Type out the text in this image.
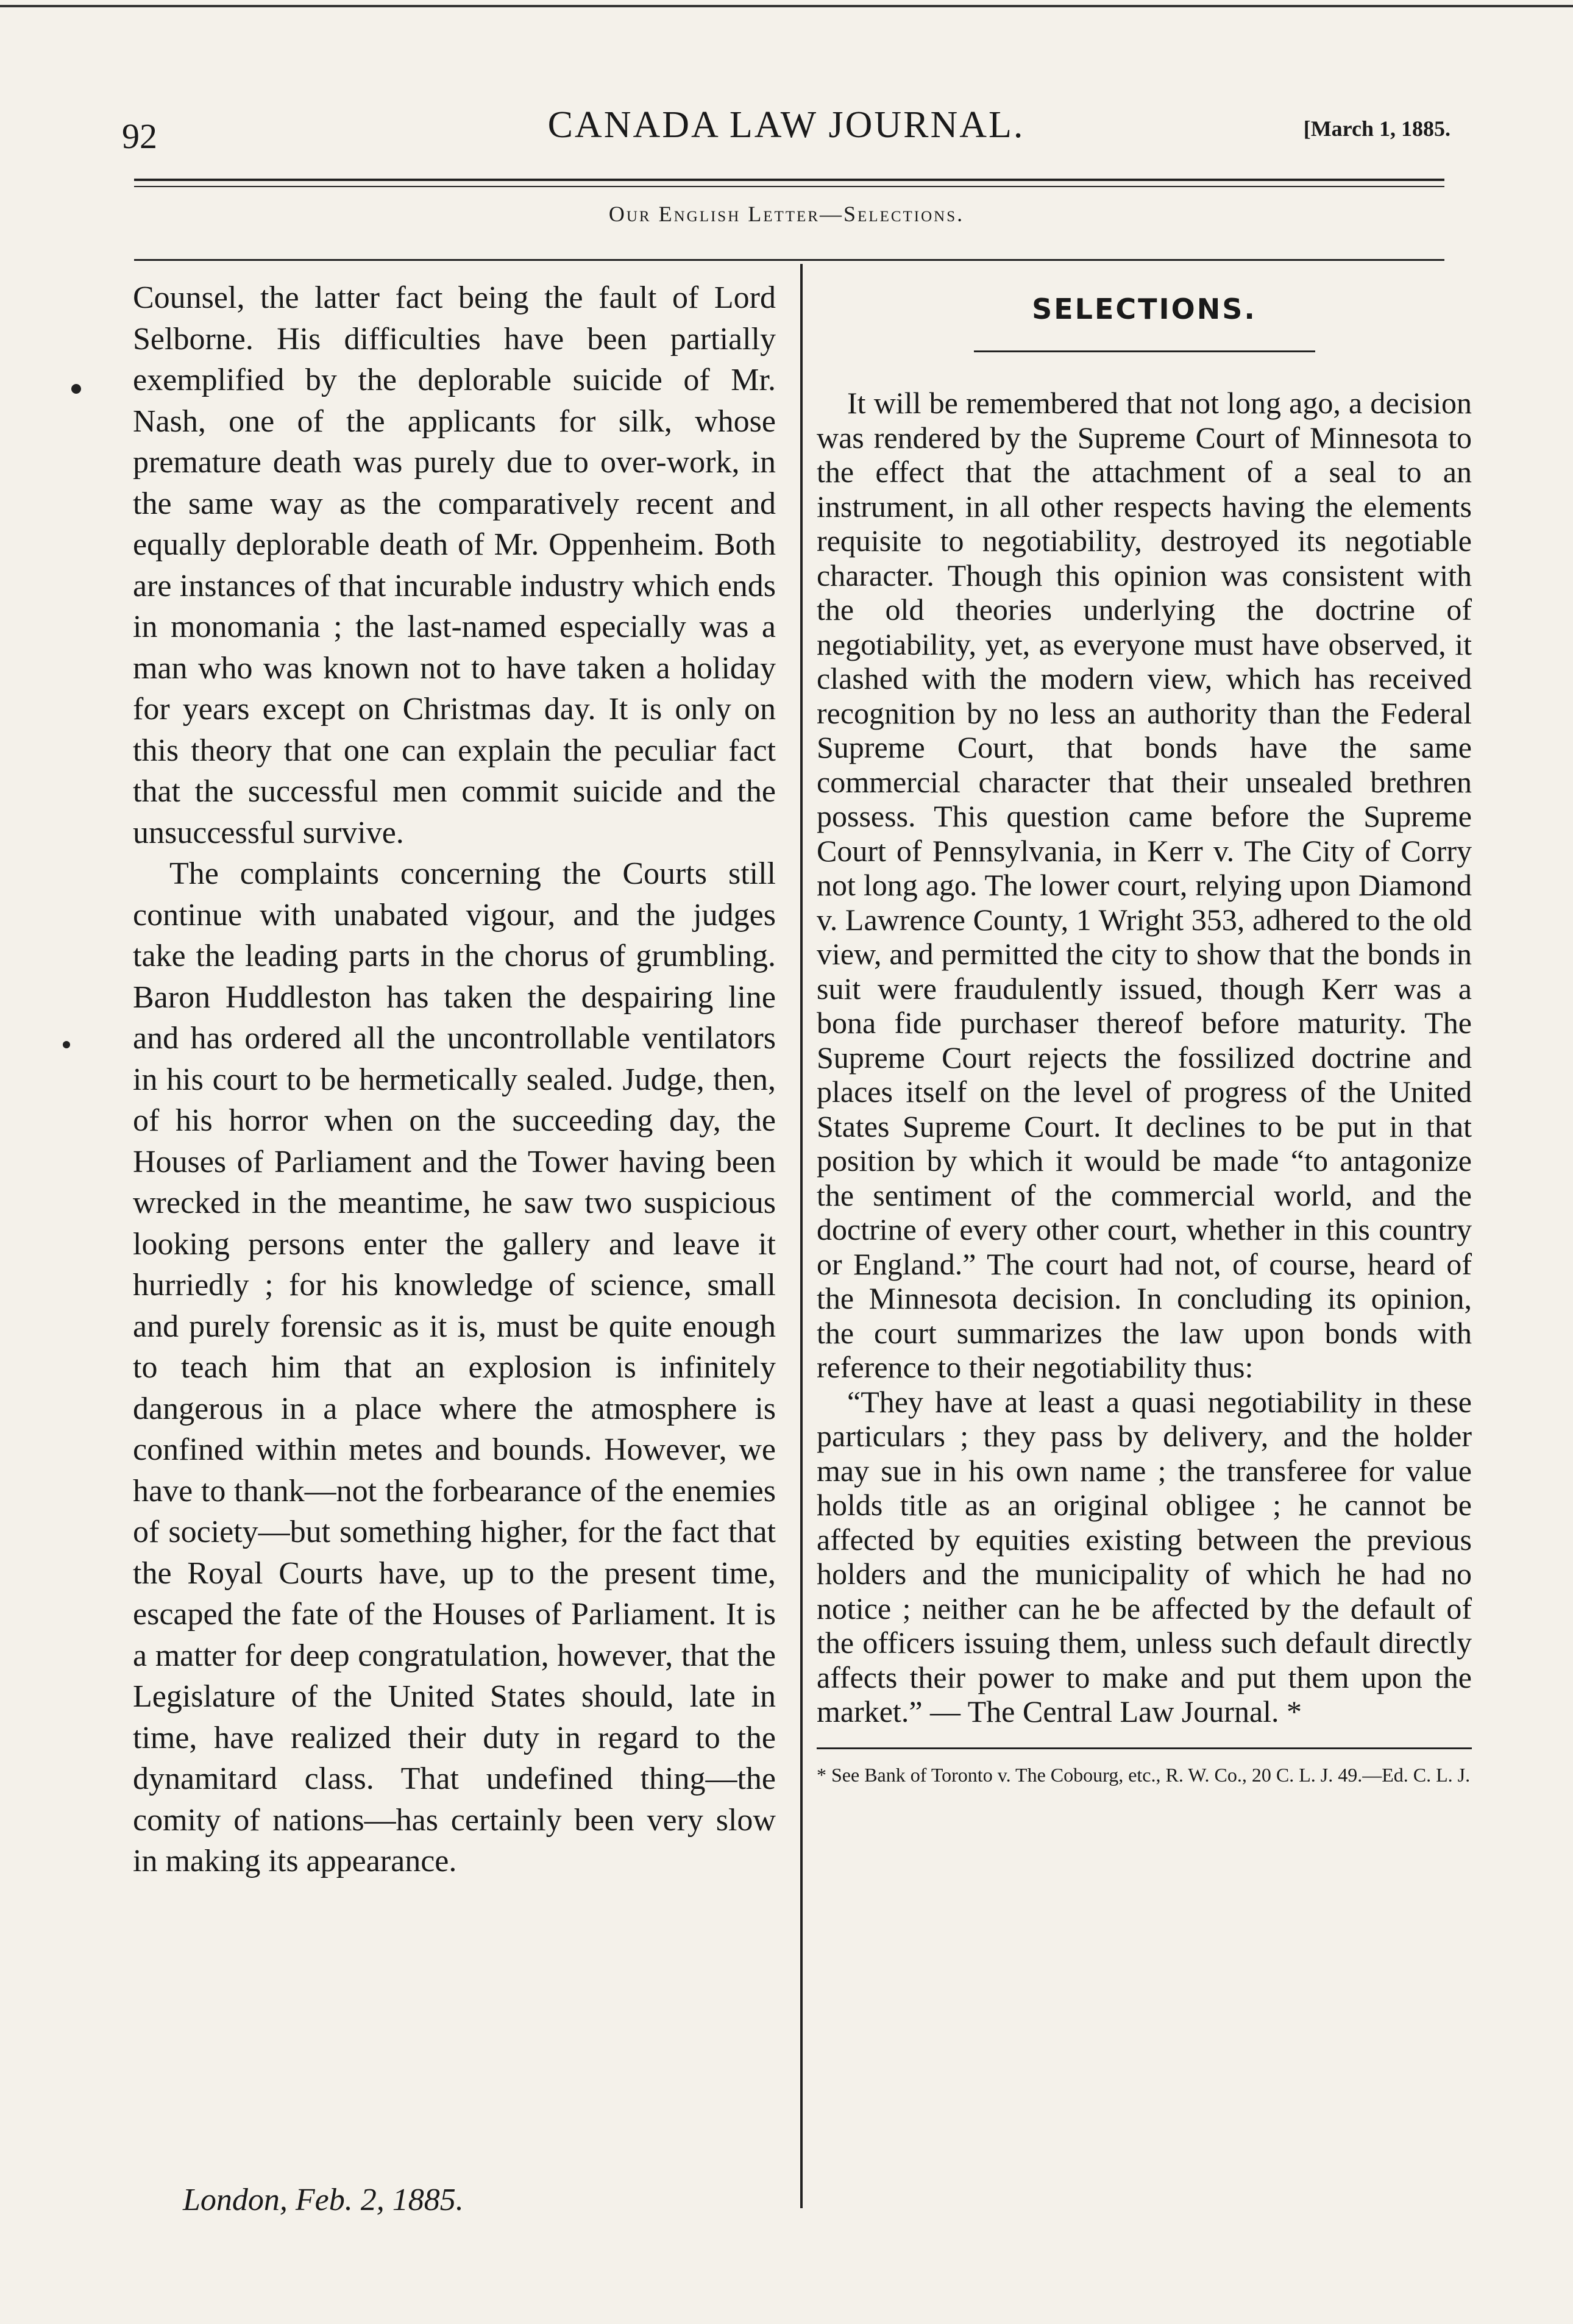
92	CANADA LAW JOURNAL.	[March 1, 1885.
Our English Letter—Selections.

Counsel, the latter fact being the fault of Lord Selborne. His difficulties have been partially exemplified by the deplorable suicide of Mr. Nash, one of the applicants for silk, whose premature death was purely due to over-work, in the same way as the comparatively recent and equally deplorable death of Mr. Oppenheim. Both are instances of that incurable industry which ends in monomania ; the last-named especially was a man who was known not to have taken a holiday for years except on Christmas day. It is only on this theory that one can explain the peculiar fact that the successful men commit suicide and the unsuccessful survive.

The complaints concerning the Courts still continue with unabated vigour, and the judges take the leading parts in the chorus of grumbling. Baron Huddleston has taken the despairing line and has ordered all the uncontrollable ventilators in his court to be hermetically sealed. Judge, then, of his horror when on the succeeding day, the Houses of Parliament and the Tower having been wrecked in the meantime, he saw two suspicious looking persons enter the gallery and leave it hurriedly ; for his knowledge of science, small and purely forensic as it is, must be quite enough to teach him that an explosion is infinitely dangerous in a place where the atmosphere is confined within metes and bounds. However, we have to thank—not the forbearance of the enemies of society—but something higher, for the fact that the Royal Courts have, up to the present time, escaped the fate of the Houses of Parliament. It is a matter for deep congratulation, however, that the Legislature of the United States should, late in time, have realized their duty in regard to the dynamitard class. That undefined thing—the comity of nations—has certainly been very slow in making its appearance.

London, Feb. 2, 1885.
SELECTIONS.

It will be remembered that not long ago, a decision was rendered by the Supreme Court of Minnesota to the effect that the attachment of a seal to an instrument, in all other respects having the elements requisite to negotiability, destroyed its negotiable character. Though this opinion was consistent with the old theories underlying the doctrine of negotiability, yet, as everyone must have observed, it clashed with the modern view, which has received recognition by no less an authority than the Federal Supreme Court, that bonds have the same commercial character that their unsealed brethren possess. This question came before the Supreme Court of Pennsylvania, in Kerr v. The City of Corry not long ago. The lower court, relying upon Diamond v. Lawrence County, 1 Wright 353, adhered to the old view, and permitted the city to show that the bonds in suit were fraudulently issued, though Kerr was a bona fide purchaser thereof before maturity. The Supreme Court rejects the fossilized doctrine and places itself on the level of progress of the United States Supreme Court. It declines to be put in that position by which it would be made “to antagonize the sentiment of the commercial world, and the doctrine of every other court, whether in this country or England.” The court had not, of course, heard of the Minnesota decision. In concluding its opinion, the court summarizes the law upon bonds with reference to their negotiability thus:

“They have at least a quasi negotiability in these particulars ; they pass by delivery, and the holder may sue in his own name ; the transferee for value holds title as an original obligee ; he cannot be affected by equities existing between the previous holders and the municipality of which he had no notice ; neither can he be affected by the default of the officers issuing them, unless such default directly affects their power to make and put them upon the market.” — The Central Law Journal. *

* See Bank of Toronto v. The Cobourg, etc., R. W. Co., 20 C. L. J. 49.—Ed. C. L. J.
